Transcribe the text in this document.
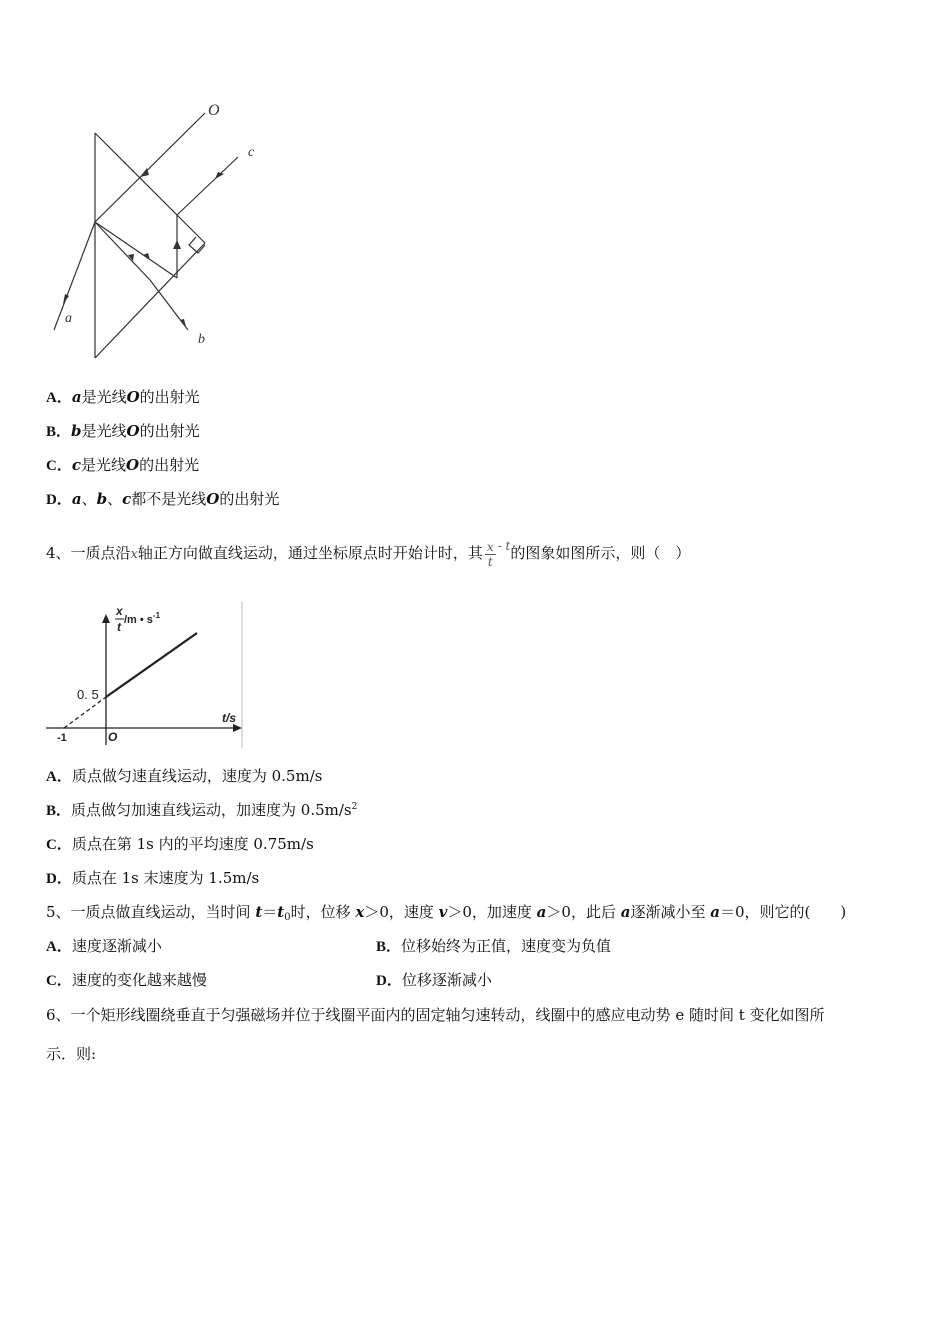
O
c
a
b
A．a是光线O的出射光
B．b是光线O的出射光
C．c是光线O的出射光
D．a、b、c都不是光线O的出射光
4、一质点沿x轴正方向做直线运动，通过坐标原点时开始计时，其 $\frac{x}{t} ^{- t}$的图象如图所示，则（　）
x
t /m • $s^{-1}$
0. 5
t/s
O
-1
A．质点做匀速直线运动，速度为 0.5m/s
B．质点做匀加速直线运动，加速度为 $0.5m/s^2$
C．质点在第 1s 内的平均速度 0.75m/s
D．质点在 1s 末速度为 1.5m/s
5、一质点做直线运动，当时间 $t=t_0$时，位移 x＞0，速度 v＞0，加速度 a＞0，此后 a逐渐减小至 a＝0，则它的(　　)
A．速度逐渐减小	B．位移始终为正值，速度变为负值
C．速度的变化越来越慢	D．位移逐渐减小
6、一个矩形线圈绕垂直于匀强磁场并位于线圈平面内的固定轴匀速转动，线圈中的感应电动势 e 随时间 t 变化如图所
示．则:
